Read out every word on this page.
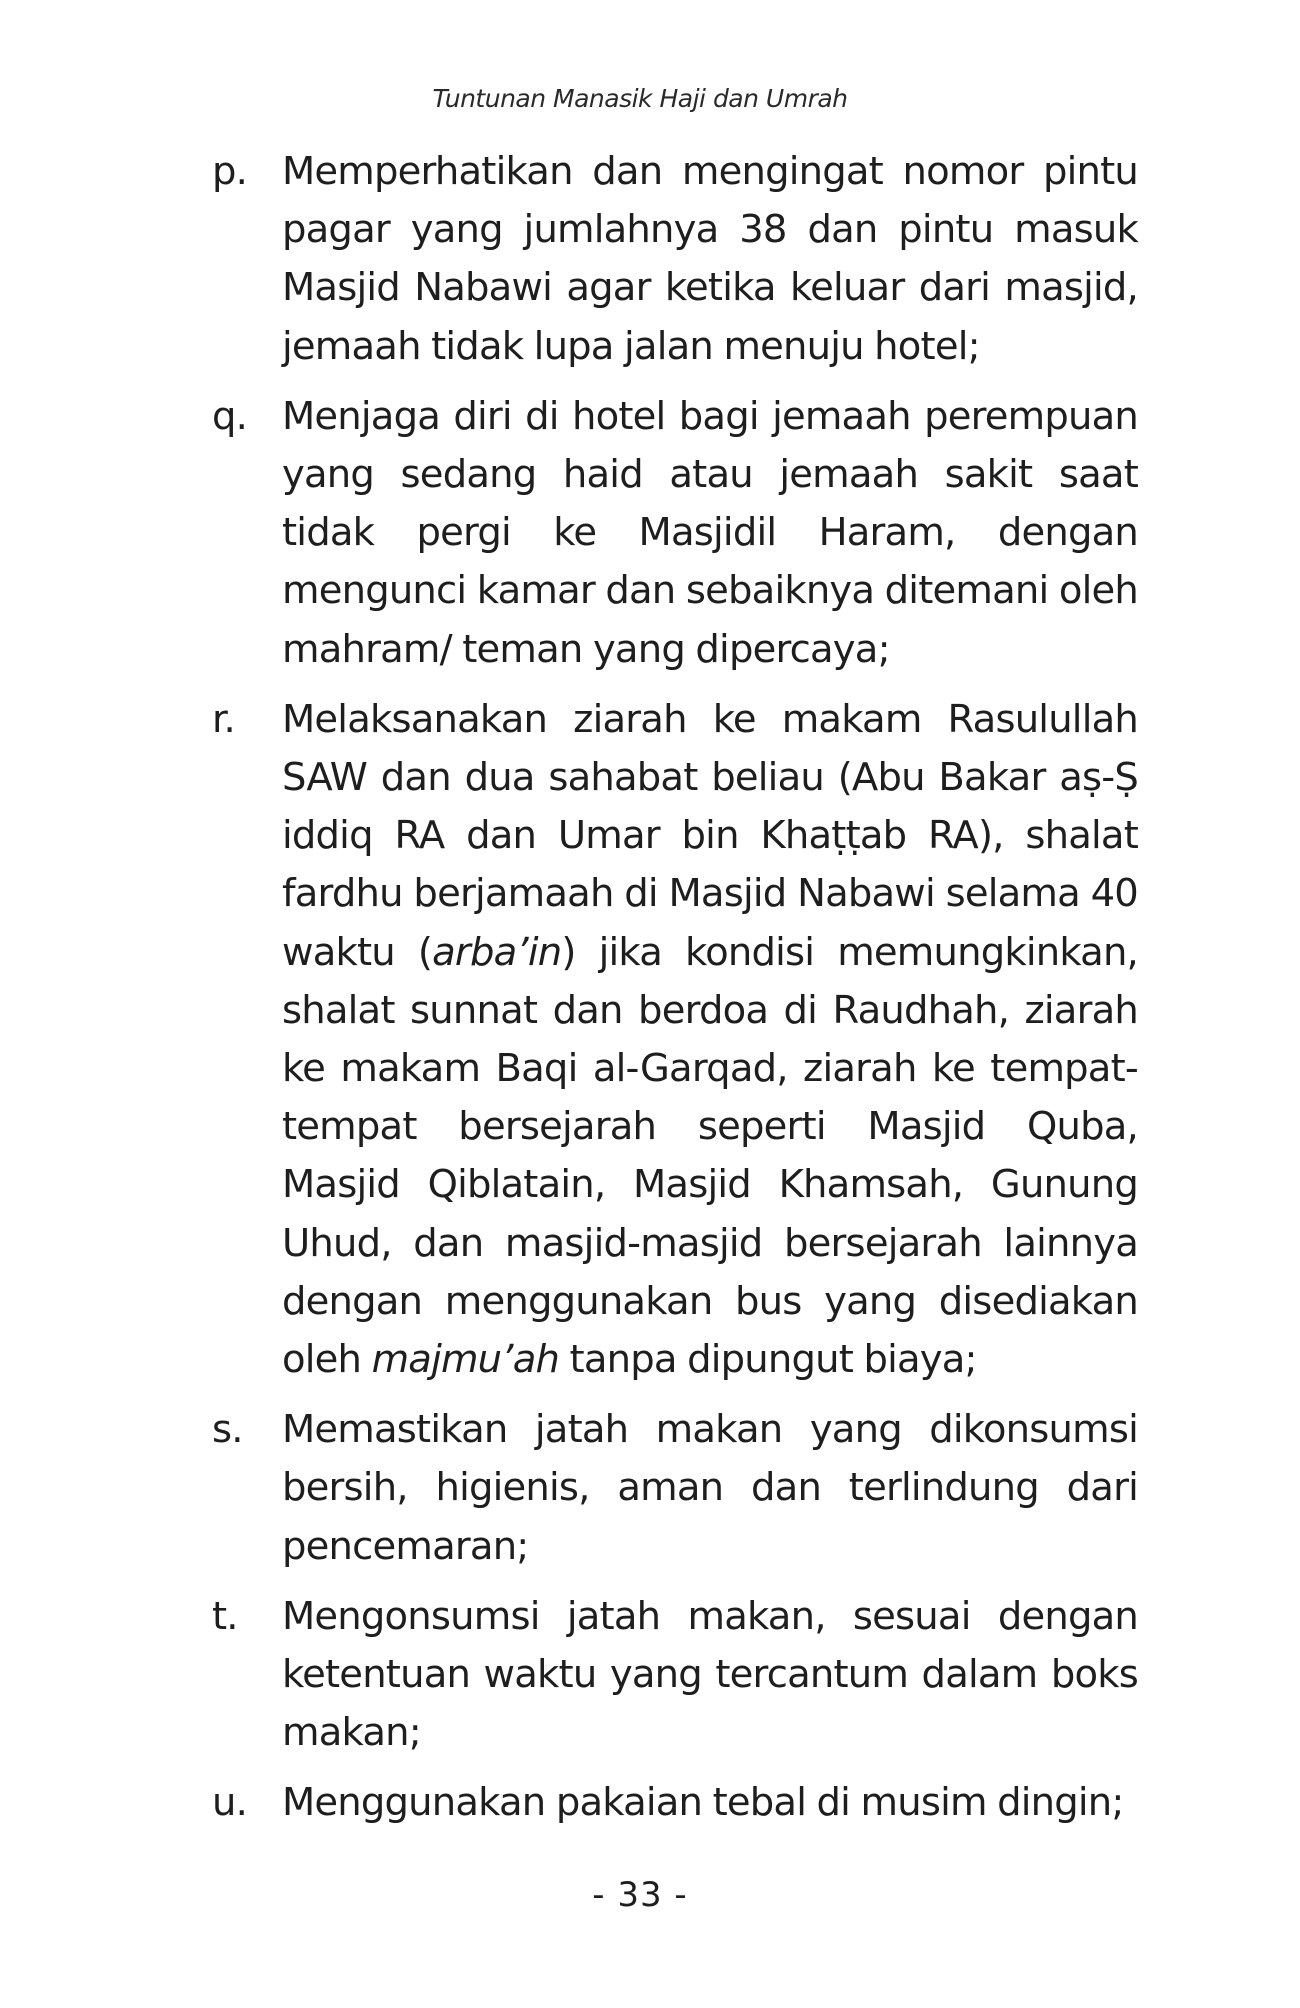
Tuntunan Manasik Haji dan Umrah
p. Memperhatikan dan mengingat nomor pintu pagar yang jumlahnya 38 dan pintu masuk Masjid Nabawi agar ketika keluar dari masjid, jemaah tidak lupa jalan menuju hotel;
q. Menjaga diri di hotel bagi jemaah perempuan yang sedang haid atau jemaah sakit saat tidak pergi ke Masjidil Haram, dengan mengunci kamar dan sebaiknya ditemani oleh mahram/ teman yang dipercaya;
r. Melaksanakan ziarah ke makam Rasulullah SAW dan dua sahabat beliau (Abu Bakar aṣ-Ṣ iddiq RA dan Umar bin Khaṭṭab RA), shalat fardhu berjamaah di Masjid Nabawi selama 40 waktu (arba’in) jika kondisi memungkinkan, shalat sunnat dan berdoa di Raudhah, ziarah ke makam Baqi al-Garqad, ziarah ke tempat-tempat bersejarah seperti Masjid Quba, Masjid Qiblatain, Masjid Khamsah, Gunung Uhud, dan masjid-masjid bersejarah lainnya dengan menggunakan bus yang disediakan oleh majmu’ah tanpa dipungut biaya;
s. Memastikan jatah makan yang dikonsumsi bersih, higienis, aman dan terlindung dari pencemaran;
t. Mengonsumsi jatah makan, sesuai dengan ketentuan waktu yang tercantum dalam boks makan;
u. Menggunakan pakaian tebal di musim dingin;
- 33 -
